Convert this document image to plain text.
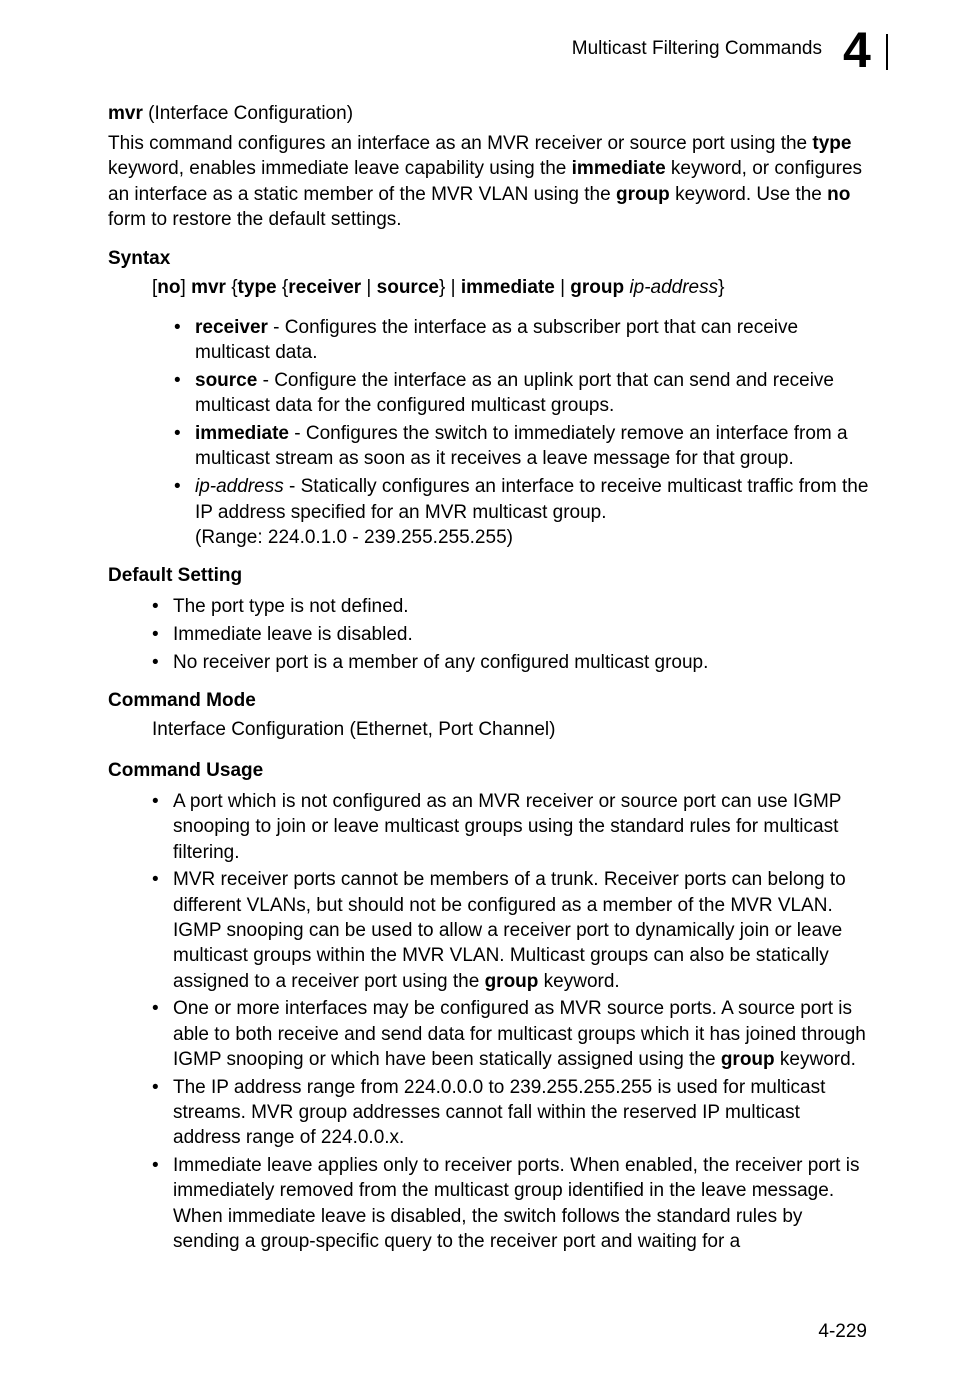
Multicast Filtering Commands 4
mvr (Interface Configuration)

This command configures an interface as an MVR receiver or source port using the type keyword, enables immediate leave capability using the immediate keyword, or configures an interface as a static member of the MVR VLAN using the group keyword. Use the no form to restore the default settings.

Syntax
[no] mvr {type {receiver | source} | immediate | group ip-address}
• receiver - Configures the interface as a subscriber port that can receive multicast data.
• source - Configure the interface as an uplink port that can send and receive multicast data for the configured multicast groups.
• immediate - Configures the switch to immediately remove an interface from a multicast stream as soon as it receives a leave message for that group.
• ip-address - Statically configures an interface to receive multicast traffic from the IP address specified for an MVR multicast group.
(Range: 224.0.1.0 - 239.255.255.255)
Default Setting
• The port type is not defined.
• Immediate leave is disabled.
• No receiver port is a member of any configured multicast group.
Command Mode
Interface Configuration (Ethernet, Port Channel)
Command Usage
• A port which is not configured as an MVR receiver or source port can use IGMP snooping to join or leave multicast groups using the standard rules for multicast filtering.
• MVR receiver ports cannot be members of a trunk. Receiver ports can belong to different VLANs, but should not be configured as a member of the MVR VLAN. IGMP snooping can be used to allow a receiver port to dynamically join or leave multicast groups within the MVR VLAN. Multicast groups can also be statically assigned to a receiver port using the group keyword.
• One or more interfaces may be configured as MVR source ports. A source port is able to both receive and send data for multicast groups which it has joined through IGMP snooping or which have been statically assigned using the group keyword.
• The IP address range from 224.0.0.0 to 239.255.255.255 is used for multicast streams. MVR group addresses cannot fall within the reserved IP multicast address range of 224.0.0.x.
• Immediate leave applies only to receiver ports. When enabled, the receiver port is immediately removed from the multicast group identified in the leave message. When immediate leave is disabled, the switch follows the standard rules by sending a group-specific query to the receiver port and waiting for a
4-229
